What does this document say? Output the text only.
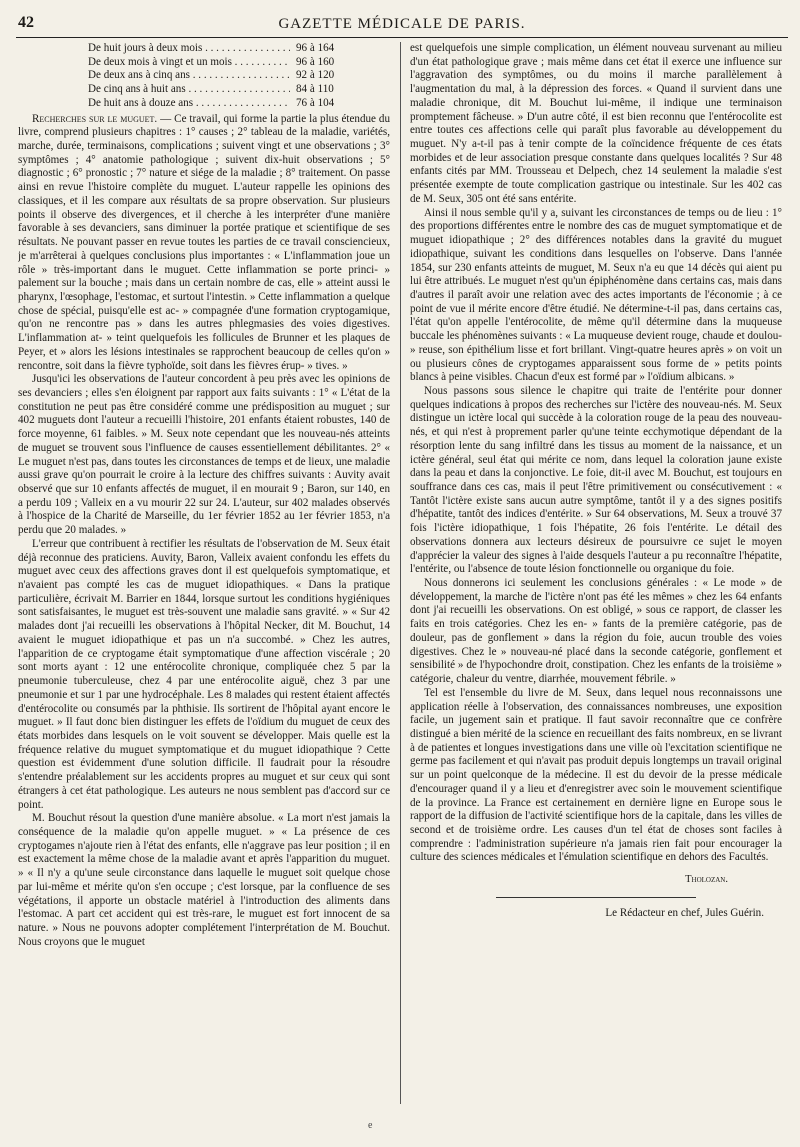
42	GAZETTE MÉDICALE DE PARIS.
De huit jours à deux mois . . .	96 à 164
De deux mois à vingt et un mois . . .	96 à 160
De deux ans à cinq ans . . .	92 à 120
De cinq ans à huit ans . . .	84 à 110
De huit ans à douze ans . . .	76 à 104

Recherches sur le muguet. — Ce travail, qui forme la partie la plus étendue du livre, comprend plusieurs chapitres : 1° causes ; 2° tableau de la maladie, variétés, marche, durée, terminaisons, complications ; suivent vingt et une observations ; 3° symptômes ; 4° anatomie pathologique ; suivent dix-huit observations ; 5° diagnostic ; 6° pronostic ; 7° nature et siége de la maladie ; 8° traitement. On passe ainsi en revue l'histoire complète du muguet. L'auteur rappelle les opinions des classiques, et il les compare aux résultats de sa propre observation. Sur plusieurs points il observe des divergences, et il cherche à les interpréter d'une manière favorable à ses devanciers, sans diminuer la portée pratique et scientifique de ses résultats. Ne pouvant passer en revue toutes les parties de ce travail consciencieux, je m'arrêterai à quelques conclusions plus importantes : « L'inflammation joue un rôle » très-important dans le muguet. Cette inflammation se porte princi- » palement sur la bouche ; mais dans un certain nombre de cas, elle » atteint aussi le pharynx, l'œsophage, l'estomac, et surtout l'intestin. » Cette inflammation a quelque chose de spécial, puisqu'elle est ac- » compagnée d'une formation cryptogamique, qu'on ne rencontre pas » dans les autres phlegmasies des voies digestives. L'inflammation at- » teint quelquefois les follicules de Brunner et les plaques de Peyer, et » alors les lésions intestinales se rapprochent beaucoup de celles qu'on » rencontre, soit dans la fièvre typhoïde, soit dans les fièvres érup- » tives. »

Jusqu'ici les observations de l'auteur concordent à peu près avec les opinions de ses devanciers ; elles s'en éloignent par rapport aux faits suivants : 1° « L'état de la constitution ne peut pas être considéré comme une prédisposition au muguet ; sur 402 muguets dont l'auteur a recueilli l'histoire, 201 enfants étaient robustes, 140 de force moyenne, 61 faibles. » M. Seux note cependant que les nouveau-nés atteints de muguet se trouvent sous l'influence de causes essentiellement débilitantes. 2° « Le muguet n'est pas, dans toutes les circonstances de temps et de lieux, une maladie aussi grave qu'on pourrait le croire à la lecture des chiffres suivants : Auvity avait observé que sur 10 enfants affectés de muguet, il en mourait 9 ; Baron, sur 140, en a perdu 109 ; Valleix en a vu mourir 22 sur 24. L'auteur, sur 402 malades observés à l'hospice de la Charité de Marseille, du 1er février 1852 au 1er février 1853, n'a perdu que 20 malades. »

L'erreur que contribuent à rectifier les résultats de l'observation de M. Seux était déjà reconnue des praticiens. Auvity, Baron, Valleix avaient confondu les effets du muguet avec ceux des affections graves dont il est quelquefois symptomatique, et n'avaient pas compté les cas de muguet idiopathiques. « Dans la pratique particulière, écrivait M. Barrier en 1844, lorsque surtout les conditions hygiéniques sont satisfaisantes, le muguet est très-souvent une maladie sans gravité. » « Sur 42 malades dont j'ai recueilli les observations à l'hôpital Necker, dit M. Bouchut, 14 avaient le muguet idiopathique et pas un n'a succombé. » Chez les autres, l'apparition de ce cryptogame était symptomatique d'une affection viscérale ; 20 sont morts ayant : 12 une entérocolite chronique, compliquée chez 5 par la pneumonie tuberculeuse, chez 4 par une entérocolite aiguë, chez 3 par une pneumonie et sur 1 par une hydrocéphale. Les 8 malades qui restent étaient affectés d'entérocolite ou consumés par la phthisie. Ils sortirent de l'hôpital ayant encore le muguet. » Il faut donc bien distinguer les effets de l'oïdium du muguet de ceux des états morbides dans lesquels on le voit souvent se développer. Mais quelle est la fréquence relative du muguet symptomatique et du muguet idiopathique ? Cette question est évidemment d'une solution difficile. Il faudrait pour la résoudre s'entendre préalablement sur les accidents propres au muguet et sur ceux qui sont étrangers à cet état pathologique. Les auteurs ne nous semblent pas d'accord sur ce point.

M. Bouchut résout la question d'une manière absolue. « La mort n'est jamais la conséquence de la maladie qu'on appelle muguet. » « La présence de ces cryptogames n'ajoute rien à l'état des enfants, elle n'aggrave pas leur position ; il en est exactement la même chose de la maladie avant et après l'apparition du muguet. » « Il n'y a qu'une seule circonstance dans laquelle le muguet soit quelque chose par lui-même et mérite qu'on s'en occupe ; c'est lorsque, par la confluence de ses végétations, il apporte un obstacle matériel à l'introduction des aliments dans l'estomac. A part cet accident qui est très-rare, le muguet est fort innocent de sa nature. » Nous ne pouvons adopter complétement l'interprétation de M. Bouchut. Nous croyons que le muguet

est quelquefois une simple complication, un élément nouveau survenant au milieu d'un état pathologique grave ; mais même dans cet état il exerce une influence sur l'aggravation des symptômes, ou du moins il marche parallèlement à l'augmentation du mal, à la dépression des forces. « Quand il survient dans une maladie chronique, dit M. Bouchut lui-même, il indique une terminaison promptement fâcheuse. » D'un autre côté, il est bien reconnu que l'entérocolite est entre toutes ces affections celle qui paraît plus favorable au développement du muguet. N'y a-t-il pas à tenir compte de la coïncidence fréquente de ces états morbides et de leur association presque constante dans quelques localités ? Sur 48 enfants cités par MM. Trousseau et Delpech, chez 14 seulement la maladie s'est présentée exempte de toute complication gastrique ou intestinale. Sur les 402 cas de M. Seux, 305 ont été sans entérite.

Ainsi il nous semble qu'il y a, suivant les circonstances de temps ou de lieu : 1° des proportions différentes entre le nombre des cas de muguet symptomatique et de muguet idiopathique ; 2° des différences notables dans la gravité du muguet idiopathique, suivant les conditions dans lesquelles on l'observe. Dans l'année 1854, sur 230 enfants atteints de muguet, M. Seux n'a eu que 14 décès qui aient pu lui être attribués. Le muguet n'est qu'un épiphénomène dans certains cas, mais dans d'autres il paraît avoir une relation avec des actes importants de l'économie ; à ce point de vue il mérite encore d'être étudié. Ne détermine-t-il pas, dans certains cas, l'état qu'on appelle l'entérocolite, de même qu'il détermine dans la muqueuse buccale les phénomènes suivants : « La muqueuse devient rouge, chaude et doulou- » reuse, son épithélium lisse et fort brillant. Vingt-quatre heures après » on voit un ou plusieurs cônes de cryptogames apparaissent sous forme de » petits points blancs à peine visibles. Chacun d'eux est formé par » l'oïdium albicans. »

Nous passons sous silence le chapitre qui traite de l'entérite pour donner quelques indications à propos des recherches sur l'ictère des nouveau-nés. M. Seux distingue un ictère local qui succède à la coloration rouge de la peau des nouveau-nés, et qui n'est à proprement parler qu'une teinte ecchymotique dépendant de la résorption lente du sang infiltré dans les tissus au moment de la naissance, et un ictère général, seul état qui mérite ce nom, dans lequel la coloration jaune existe dans la peau et dans la conjonctive. Le foie, dit-il avec M. Bouchut, est toujours en souffrance dans ces cas, mais il peut l'être primitivement ou consécutivement : « Tantôt l'ictère existe sans aucun autre symptôme, tantôt il y a des signes positifs d'hépatite, tantôt des indices d'entérite. » Sur 64 observations, M. Seux a trouvé 37 fois l'ictère idiopathique, 1 fois l'hépatite, 26 fois l'entérite. Le détail des observations donnera aux lecteurs désireux de poursuivre ce sujet le moyen d'apprécier la valeur des signes à l'aide desquels l'auteur a pu reconnaître l'hépatite, l'entérite, ou l'absence de toute lésion fonctionnelle ou organique du foie.

Nous donnerons ici seulement les conclusions générales : « Le mode » de développement, la marche de l'ictère n'ont pas été les mêmes » chez les 64 enfants dont j'ai recueilli les observations. On est obligé, » sous ce rapport, de classer les faits en trois catégories. Chez les en- » fants de la première catégorie, pas de douleur, pas de gonflement » dans la région du foie, aucun trouble des voies digestives. Chez le » nouveau-né placé dans la seconde catégorie, gonflement et sensibilité » de l'hypochondre droit, constipation. Chez les enfants de la troisième » catégorie, chaleur du ventre, diarrhée, mouvement fébrile. »

Tel est l'ensemble du livre de M. Seux, dans lequel nous reconnaissons une application réelle à l'observation, des connaissances nombreuses, une exposition facile, un jugement sain et pratique. Il faut savoir reconnaître que ce confrère distingué a bien mérité de la science en recueillant des faits nombreux, en se livrant à de patientes et longues investigations dans une ville où l'excitation scientifique ne germe pas facilement et qui n'avait pas produit depuis longtemps un travail original sur un point quelconque de la médecine. Il est du devoir de la presse médicale d'encourager quand il y a lieu et d'enregistrer avec soin le mouvement scientifique de la province. La France est certainement en dernière ligne en Europe sous le rapport de la diffusion de l'activité scientifique hors de la capitale, dans les villes de second et de troisième ordre. Les causes d'un tel état de choses sont faciles à comprendre : l'administration supérieure n'a jamais rien fait pour encourager la culture des sciences médicales et l'émulation scientifique en dehors des Facultés.

Tholozan.

Le Rédacteur en chef, Jules Guérin.

e
